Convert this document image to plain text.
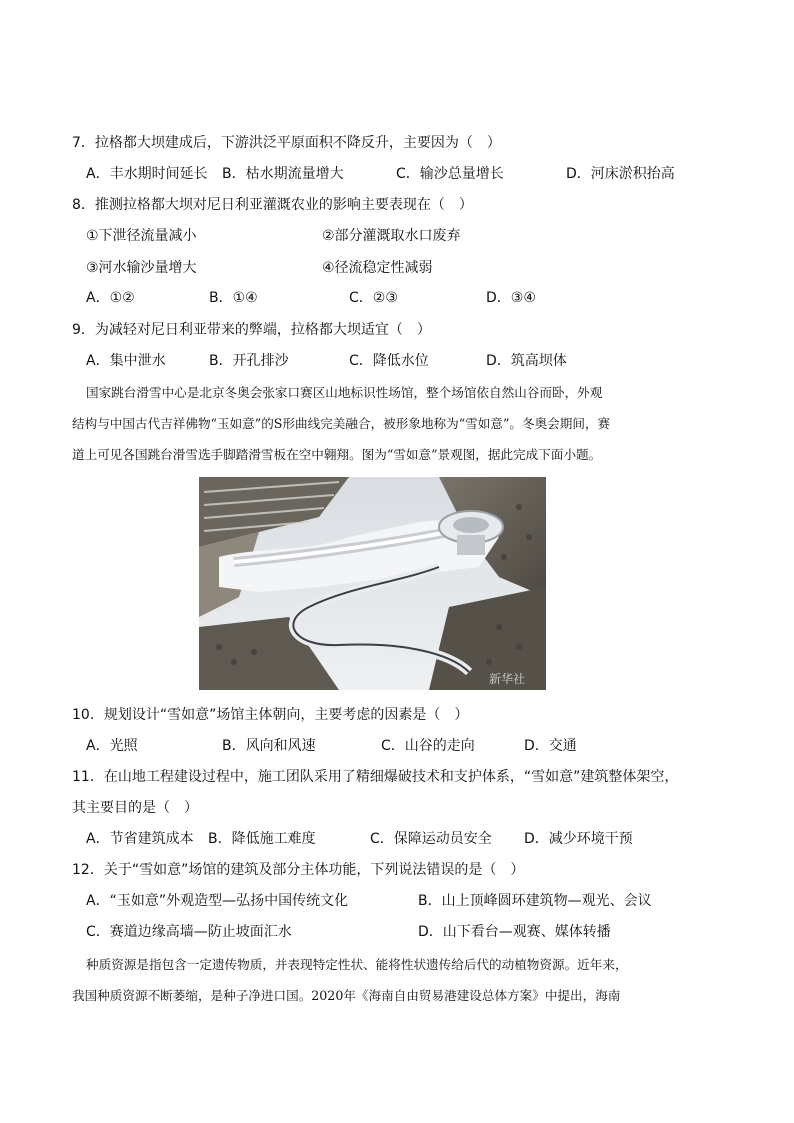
7．拉格都大坝建成后，下游洪泛平原面积不降反升，主要因为（　）
A．丰水期时间延长 B．枯水期流量增大	C．输沙总量增长	D．河床淤积抬高
8．推测拉格都大坝对尼日利亚灌溉农业的影响主要表现在（　）
①下泄径流量减小	②部分灌溉取水口废弃
③河水输沙量增大	④径流稳定性减弱
A．①②	B．①④	C．②③	D．③④
9．为减轻对尼日利亚带来的弊端，拉格都大坝适宜（　）
A．集中泄水	B．开孔排沙	C．降低水位	D．筑高坝体
国家跳台滑雪中心是北京冬奥会张家口赛区山地标识性场馆，整个场馆依自然山谷而卧，外观
结构与中国古代吉祥佛物“玉如意”的S形曲线完美融合，被形象地称为“雪如意”。冬奥会期间，赛
道上可见各国跳台滑雪选手脚踏滑雪板在空中翱翔。图为“雪如意”景观图，据此完成下面小题。
新华社
10．规划设计“雪如意”场馆主体朝向，主要考虑的因素是（　）
A．光照	B．风向和风速	C．山谷的走向	D．交通
11．在山地工程建设过程中，施工团队采用了精细爆破技术和支护体系，“雪如意”建筑整体架空，
其主要目的是（　）
A．节省建筑成本 B．降低施工难度	C．保障运动员安全 D．减少环境干预
12．关于“雪如意”场馆的建筑及部分主体功能，下列说法错误的是（　）
A．“玉如意”外观造型—弘扬中国传统文化	B．山上顶峰圆环建筑物—观光、会议
C．赛道边缘高墙—防止坡面汇水	D．山下看台—观赛、媒体转播
种质资源是指包含一定遗传物质，并表现特定性状、能将性状遗传给后代的动植物资源。近年来，
我国种质资源不断萎缩，是种子净进口国。2020年《海南自由贸易港建设总体方案》中提出，海南
